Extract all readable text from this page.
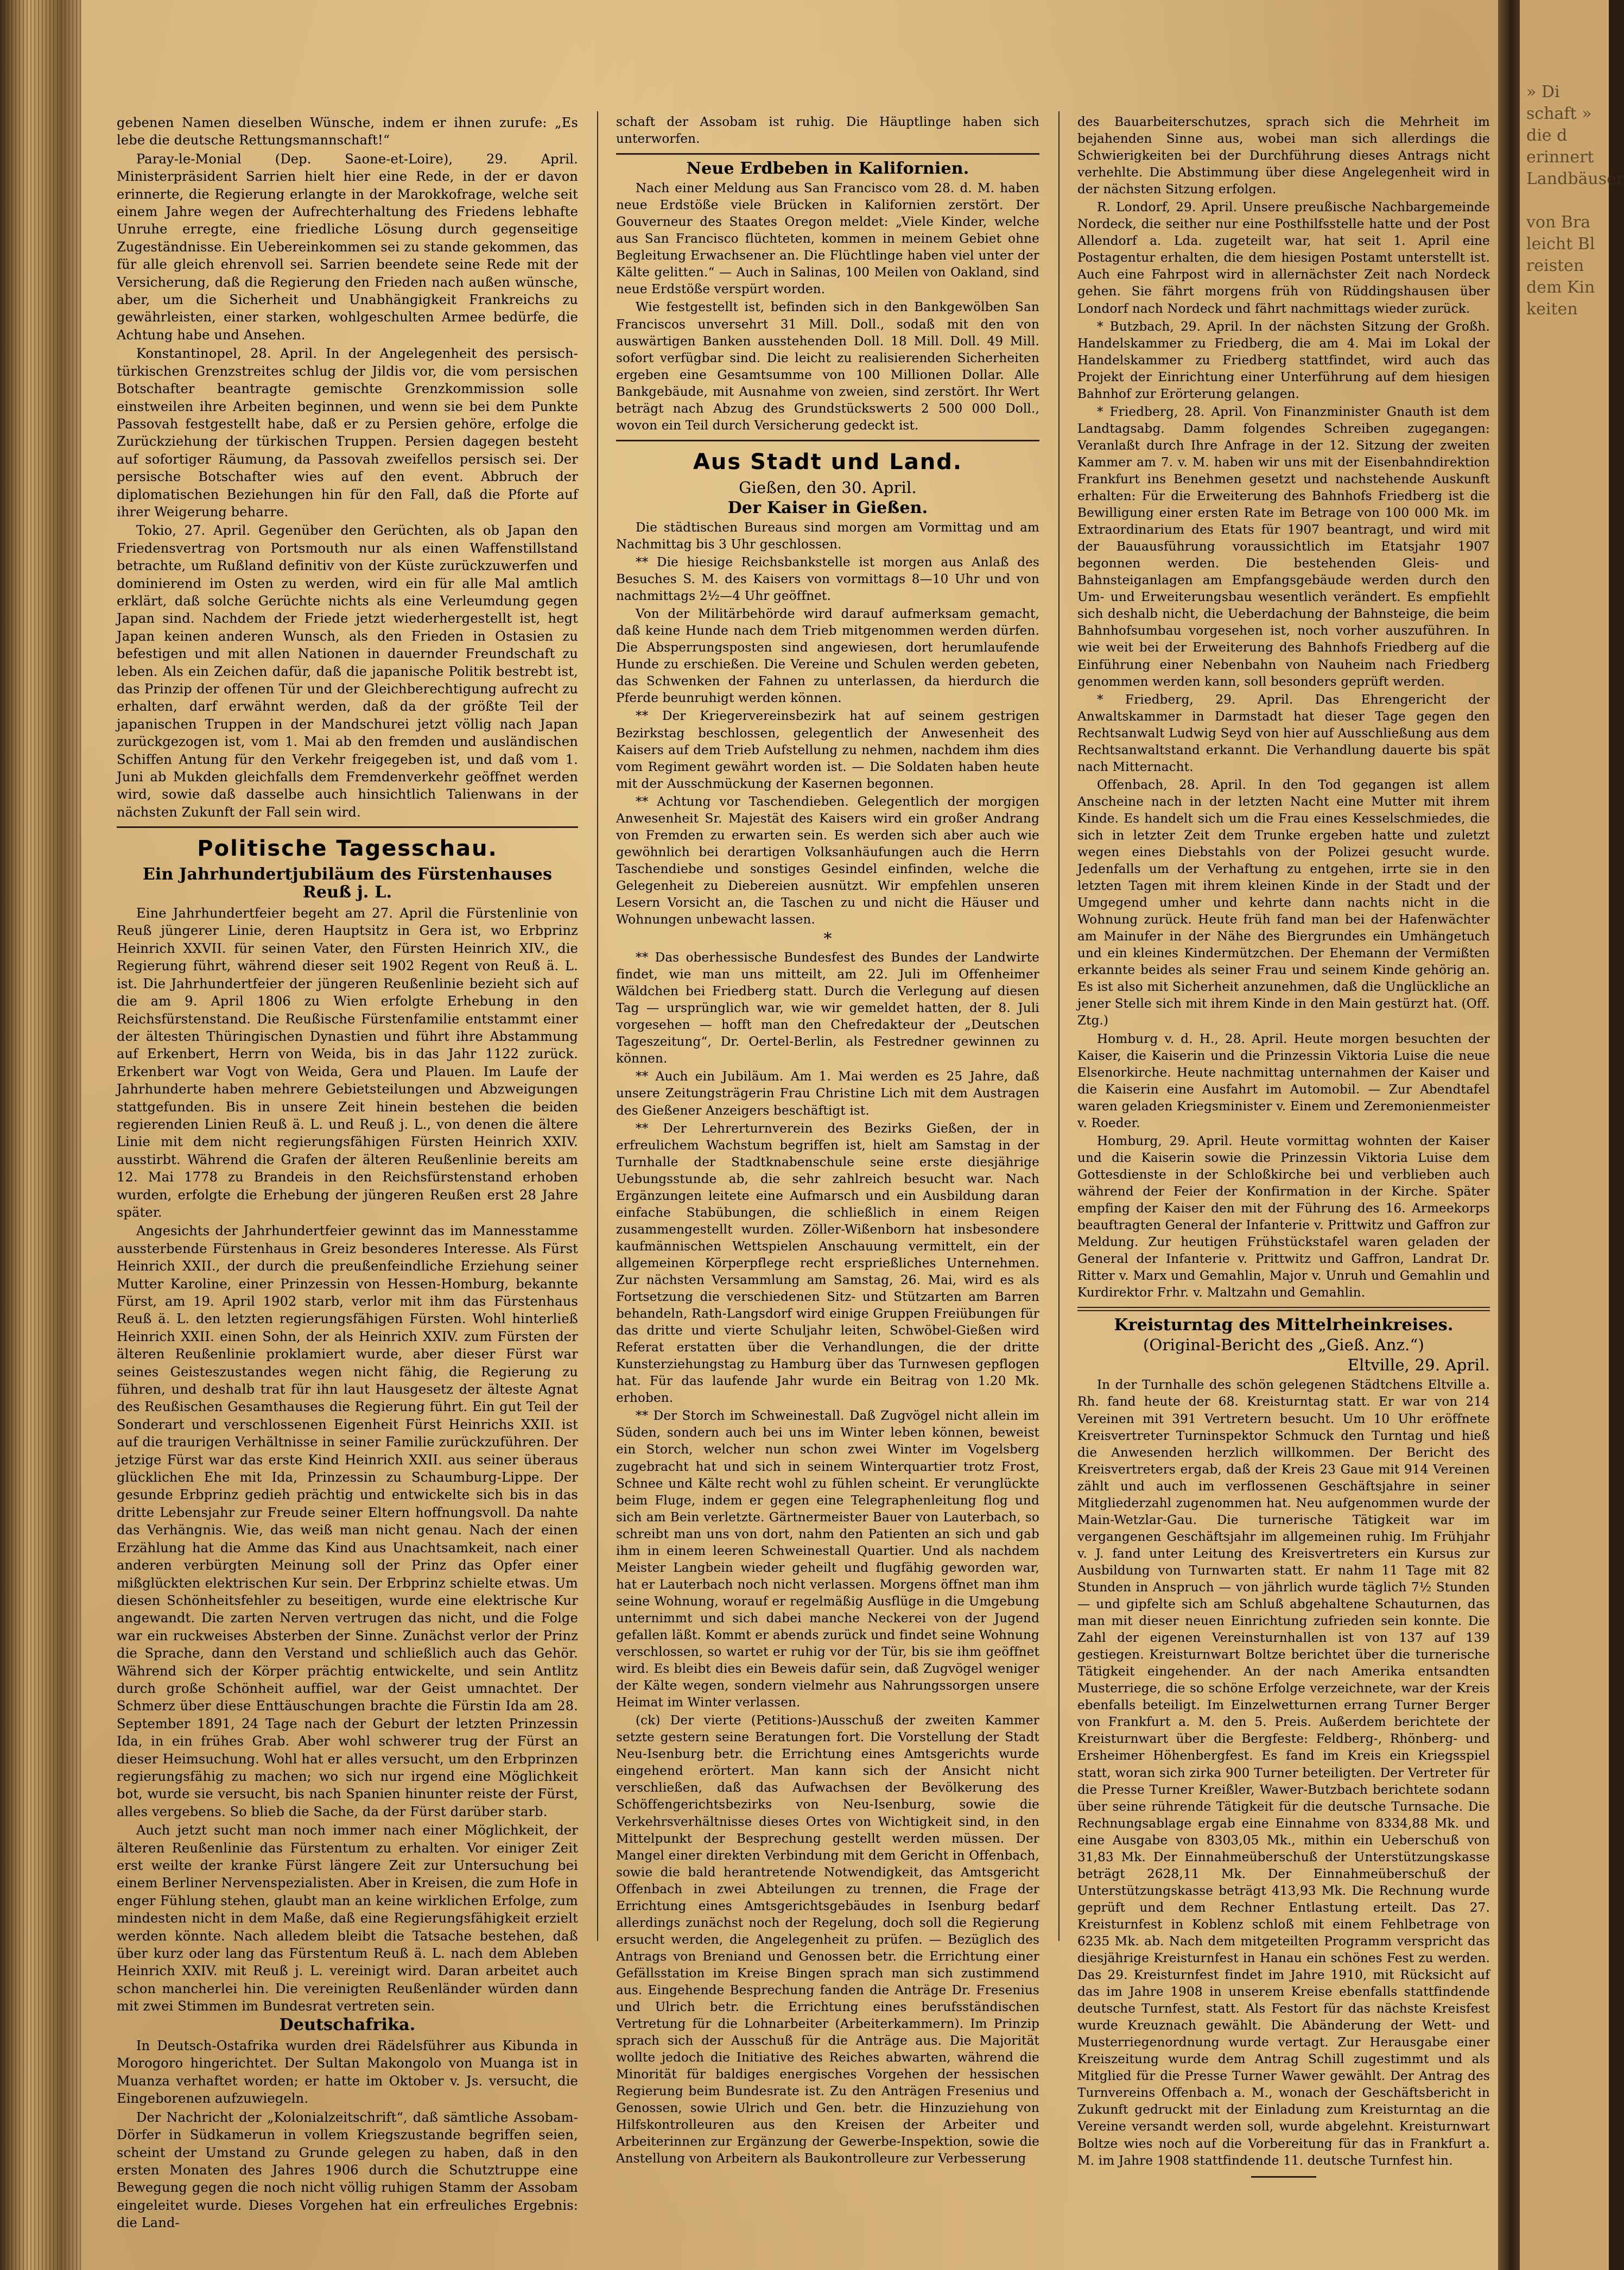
gebenen Namen dieselben Wünsche, indem er ihnen zurufe: „Es lebe die deutsche Rettungsmannschaft!“

Paray-le-Monial (Dep. Saone-et-Loire), 29. April. Ministerpräsident Sarrien hielt hier eine Rede, in der er davon erinnerte, die Regierung erlangte in der Marokkofrage, welche seit einem Jahre wegen der Aufrechterhaltung des Friedens lebhafte Unruhe erregte, eine friedliche Lösung durch gegenseitige Zugeständnisse. Ein Uebereinkommen sei zu stande gekommen, das für alle gleich ehrenvoll sei. Sarrien beendete seine Rede mit der Versicherung, daß die Regierung den Frieden nach außen wünsche, aber, um die Sicherheit und Unabhängigkeit Frankreichs zu gewährleisten, einer starken, wohlgeschulten Armee bedürfe, die Achtung habe und Ansehen.

Konstantinopel, 28. April. In der Angelegenheit des persisch-türkischen Grenzstreites schlug der Jildis vor, die vom persischen Botschafter beantragte gemischte Grenzkommission solle einstweilen ihre Arbeiten beginnen, und wenn sie bei dem Punkte Passovah festgestellt habe, daß er zu Persien gehöre, erfolge die Zurückziehung der türkischen Truppen. Persien dagegen besteht auf sofortiger Räumung, da Passovah zweifellos persisch sei. Der persische Botschafter wies auf den event. Abbruch der diplomatischen Beziehungen hin für den Fall, daß die Pforte auf ihrer Weigerung beharre.

Tokio, 27. April. Gegenüber den Gerüchten, als ob Japan den Friedensvertrag von Portsmouth nur als einen Waffenstillstand betrachte, um Rußland definitiv von der Küste zurückzuwerfen und dominierend im Osten zu werden, wird ein für alle Mal amtlich erklärt, daß solche Gerüchte nichts als eine Verleumdung gegen Japan sind. Nachdem der Friede jetzt wiederhergestellt ist, hegt Japan keinen anderen Wunsch, als den Frieden in Ostasien zu befestigen und mit allen Nationen in dauernder Freundschaft zu leben. Als ein Zeichen dafür, daß die japanische Politik bestrebt ist, das Prinzip der offenen Tür und der Gleichberechtigung aufrecht zu erhalten, darf erwähnt werden, daß da der größte Teil der japanischen Truppen in der Mandschurei jetzt völlig nach Japan zurückgezogen ist, vom 1. Mai ab den fremden und ausländischen Schiffen Antung für den Verkehr freigegeben ist, und daß vom 1. Juni ab Mukden gleichfalls dem Fremdenverkehr geöffnet werden wird, sowie daß dasselbe auch hinsichtlich Talienwans in der nächsten Zukunft der Fall sein wird.

Politische Tagesschau.
Ein Jahrhundertjubiläum des Fürstenhauses Reuß j. L.

Eine Jahrhundertfeier begeht am 27. April die Fürstenlinie von Reuß jüngerer Linie, deren Hauptsitz in Gera ist, wo Erbprinz Heinrich XXVII. für seinen Vater, den Fürsten Heinrich XIV., die Regierung führt, während dieser seit 1902 Regent von Reuß ä. L. ist. Die Jahrhundertfeier der jüngeren Reußenlinie bezieht sich auf die am 9. April 1806 zu Wien erfolgte Erhebung in den Reichsfürstenstand. Die Reußische Fürstenfamilie entstammt einer der ältesten Thüringischen Dynastien und führt ihre Abstammung auf Erkenbert, Herrn von Weida, bis in das Jahr 1122 zurück. Erkenbert war Vogt von Weida, Gera und Plauen. Im Laufe der Jahrhunderte haben mehrere Gebietsteilungen und Abzweigungen stattgefunden. Bis in unsere Zeit hinein bestehen die beiden regierenden Linien Reuß ä. L. und Reuß j. L., von denen die ältere Linie mit dem nicht regierungsfähigen Fürsten Heinrich XXIV. ausstirbt. Während die Grafen der älteren Reußenlinie bereits am 12. Mai 1778 zu Brandeis in den Reichsfürstenstand erhoben wurden, erfolgte die Erhebung der jüngeren Reußen erst 28 Jahre später.

Angesichts der Jahrhundertfeier gewinnt das im Mannesstamme aussterbende Fürstenhaus in Greiz besonderes Interesse. Als Fürst Heinrich XXII., der durch die preußenfeindliche Erziehung seiner Mutter Karoline, einer Prinzessin von Hessen-Homburg, bekannte Fürst, am 19. April 1902 starb, verlor mit ihm das Fürstenhaus Reuß ä. L. den letzten regierungsfähigen Fürsten. Wohl hinterließ Heinrich XXII. einen Sohn, der als Heinrich XXIV. zum Fürsten der älteren Reußenlinie proklamiert wurde, aber dieser Fürst war seines Geisteszustandes wegen nicht fähig, die Regierung zu führen, und deshalb trat für ihn laut Hausgesetz der älteste Agnat des Reußischen Gesamthauses die Regierung führt. Ein gut Teil der Sonderart und verschlossenen Eigenheit Fürst Heinrichs XXII. ist auf die traurigen Verhältnisse in seiner Familie zurückzuführen. Der jetzige Fürst war das erste Kind Heinrich XXII. aus seiner überaus glücklichen Ehe mit Ida, Prinzessin zu Schaumburg-Lippe. Der gesunde Erbprinz gedieh prächtig und entwickelte sich bis in das dritte Lebensjahr zur Freude seiner Eltern hoffnungsvoll. Da nahte das Verhängnis. Wie, das weiß man nicht genau. Nach der einen Erzählung hat die Amme das Kind aus Unachtsamkeit, nach einer anderen verbürgten Meinung soll der Prinz das Opfer einer mißglückten elektrischen Kur sein. Der Erbprinz schielte etwas. Um diesen Schönheitsfehler zu beseitigen, wurde eine elektrische Kur angewandt. Die zarten Nerven vertrugen das nicht, und die Folge war ein ruckweises Absterben der Sinne. Zunächst verlor der Prinz die Sprache, dann den Verstand und schließlich auch das Gehör. Während sich der Körper prächtig entwickelte, und sein Antlitz durch große Schönheit auffiel, war der Geist umnachtet. Der Schmerz über diese Enttäuschungen brachte die Fürstin Ida am 28. September 1891, 24 Tage nach der Geburt der letzten Prinzessin Ida, in ein frühes Grab. Aber wohl schwerer trug der Fürst an dieser Heimsuchung. Wohl hat er alles versucht, um den Erbprinzen regierungsfähig zu machen; wo sich nur irgend eine Möglichkeit bot, wurde sie versucht, bis nach Spanien hinunter reiste der Fürst, alles vergebens. So blieb die Sache, da der Fürst darüber starb.

Auch jetzt sucht man noch immer nach einer Möglichkeit, der älteren Reußenlinie das Fürstentum zu erhalten. Vor einiger Zeit erst weilte der kranke Fürst längere Zeit zur Untersuchung bei einem Berliner Nervenspezialisten. Aber in Kreisen, die zum Hofe in enger Fühlung stehen, glaubt man an keine wirklichen Erfolge, zum mindesten nicht in dem Maße, daß eine Regierungsfähigkeit erzielt werden könnte. Nach alledem bleibt die Tatsache bestehen, daß über kurz oder lang das Fürstentum Reuß ä. L. nach dem Ableben Heinrich XXIV. mit Reuß j. L. vereinigt wird. Daran arbeitet auch schon mancherlei hin. Die vereinigten Reußenländer würden dann mit zwei Stimmen im Bundesrat vertreten sein.

Deutschafrika.

In Deutsch-Ostafrika wurden drei Rädelsführer aus Kibunda in Morogoro hingerichtet. Der Sultan Makongolo von Muanga ist in Muanza verhaftet worden; er hatte im Oktober v. Js. versucht, die Eingeborenen aufzuwiegeln.

Der Nachricht der „Kolonialzeitschrift“, daß sämtliche Assobam-Dörfer in Südkamerun in vollem Kriegszustande begriffen seien, scheint der Umstand zu Grunde gelegen zu haben, daß in den ersten Monaten des Jahres 1906 durch die Schutztruppe eine Bewegung gegen die noch nicht völlig ruhigen Stamm der Assobam eingeleitet wurde. Dieses Vorgehen hat ein erfreuliches Ergebnis: die Land-

schaft der Assobam ist ruhig. Die Häuptlinge haben sich unterworfen.

Neue Erdbeben in Kalifornien.

Nach einer Meldung aus San Francisco vom 28. d. M. haben neue Erdstöße viele Brücken in Kalifornien zerstört. Der Gouverneur des Staates Oregon meldet: „Viele Kinder, welche aus San Francisco flüchteten, kommen in meinem Gebiet ohne Begleitung Erwachsener an. Die Flüchtlinge haben viel unter der Kälte gelitten.“ — Auch in Salinas, 100 Meilen von Oakland, sind neue Erdstöße verspürt worden.

Wie festgestellt ist, befinden sich in den Bankgewölben San Franciscos unversehrt 31 Mill. Doll., sodaß mit den von auswärtigen Banken ausstehenden Doll. 18 Mill. Doll. 49 Mill. sofort verfügbar sind. Die leicht zu realisierenden Sicherheiten ergeben eine Gesamtsumme von 100 Millionen Dollar. Alle Bankgebäude, mit Ausnahme von zweien, sind zerstört. Ihr Wert beträgt nach Abzug des Grundstückswerts 2 500 000 Doll., wovon ein Teil durch Versicherung gedeckt ist.

Aus Stadt und Land.
Gießen, den 30. April.
Der Kaiser in Gießen.

Die städtischen Bureaus sind morgen am Vormittag und am Nachmittag bis 3 Uhr geschlossen.

** Die hiesige Reichsbankstelle ist morgen aus Anlaß des Besuches S. M. des Kaisers von vormittags 8—10 Uhr und von nachmittags 2½—4 Uhr geöffnet.

Von der Militärbehörde wird darauf aufmerksam gemacht, daß keine Hunde nach dem Trieb mitgenommen werden dürfen. Die Absperrungsposten sind angewiesen, dort herumlaufende Hunde zu erschießen. Die Vereine und Schulen werden gebeten, das Schwenken der Fahnen zu unterlassen, da hierdurch die Pferde beunruhigt werden können.

** Der Kriegervereinsbezirk hat auf seinem gestrigen Bezirkstag beschlossen, gelegentlich der Anwesenheit des Kaisers auf dem Trieb Aufstellung zu nehmen, nachdem ihm dies vom Regiment gewährt worden ist. — Die Soldaten haben heute mit der Ausschmückung der Kasernen begonnen.

** Achtung vor Taschendieben. Gelegentlich der morgigen Anwesenheit Sr. Majestät des Kaisers wird ein großer Andrang von Fremden zu erwarten sein. Es werden sich aber auch wie gewöhnlich bei derartigen Volksanhäufungen auch die Herrn Taschendiebe und sonstiges Gesindel einfinden, welche die Gelegenheit zu Diebereien ausnützt. Wir empfehlen unseren Lesern Vorsicht an, die Taschen zu und nicht die Häuser und Wohnungen unbewacht lassen.

*

** Das oberhessische Bundesfest des Bundes der Landwirte findet, wie man uns mitteilt, am 22. Juli im Offenheimer Wäldchen bei Friedberg statt. Durch die Verlegung auf diesen Tag — ursprünglich war, wie wir gemeldet hatten, der 8. Juli vorgesehen — hofft man den Chefredakteur der „Deutschen Tageszeitung“, Dr. Oertel-Berlin, als Festredner gewinnen zu können.

** Auch ein Jubiläum. Am 1. Mai werden es 25 Jahre, daß unsere Zeitungsträgerin Frau Christine Lich mit dem Austragen des Gießener Anzeigers beschäftigt ist.

** Der Lehrerturnverein des Bezirks Gießen, der in erfreulichem Wachstum begriffen ist, hielt am Samstag in der Turnhalle der Stadtknabenschule seine erste diesjährige Uebungsstunde ab, die sehr zahlreich besucht war. Nach Ergänzungen leitete eine Aufmarsch und ein Ausbildung daran einfache Stabübungen, die schließlich in einem Reigen zusammengestellt wurden. Zöller-Wißenborn hat insbesondere kaufmännischen Wettspielen Anschauung vermittelt, ein der allgemeinen Körperpflege recht ersprießliches Unternehmen. Zur nächsten Versammlung am Samstag, 26. Mai, wird es als Fortsetzung die verschiedenen Sitz- und Stützarten am Barren behandeln, Rath-Langsdorf wird einige Gruppen Freiübungen für das dritte und vierte Schuljahr leiten, Schwöbel-Gießen wird Referat erstatten über die Verhandlungen, die der dritte Kunsterziehungstag zu Hamburg über das Turnwesen gepflogen hat. Für das laufende Jahr wurde ein Beitrag von 1.20 Mk. erhoben.

** Der Storch im Schweinestall. Daß Zugvögel nicht allein im Süden, sondern auch bei uns im Winter leben können, beweist ein Storch, welcher nun schon zwei Winter im Vogelsberg zugebracht hat und sich in seinem Winterquartier trotz Frost, Schnee und Kälte recht wohl zu fühlen scheint. Er verunglückte beim Fluge, indem er gegen eine Telegraphenleitung flog und sich am Bein verletzte. Gärtnermeister Bauer von Lauterbach, so schreibt man uns von dort, nahm den Patienten an sich und gab ihm in einem leeren Schweinestall Quartier. Und als nachdem Meister Langbein wieder geheilt und flugfähig geworden war, hat er Lauterbach noch nicht verlassen. Morgens öffnet man ihm seine Wohnung, worauf er regelmäßig Ausflüge in die Umgebung unternimmt und sich dabei manche Neckerei von der Jugend gefallen läßt. Kommt er abends zurück und findet seine Wohnung verschlossen, so wartet er ruhig vor der Tür, bis sie ihm geöffnet wird. Es bleibt dies ein Beweis dafür sein, daß Zugvögel weniger der Kälte wegen, sondern vielmehr aus Nahrungssorgen unsere Heimat im Winter verlassen.

(ck) Der vierte (Petitions-)Ausschuß der zweiten Kammer setzte gestern seine Beratungen fort. Die Vorstellung der Stadt Neu-Isenburg betr. die Errichtung eines Amtsgerichts wurde eingehend erörtert. Man kann sich der Ansicht nicht verschließen, daß das Aufwachsen der Bevölkerung des Schöffengerichtsbezirks von Neu-Isenburg, sowie die Verkehrsverhältnisse dieses Ortes von Wichtigkeit sind, in den Mittelpunkt der Besprechung gestellt werden müssen. Der Mangel einer direkten Verbindung mit dem Gericht in Offenbach, sowie die bald herantretende Notwendigkeit, das Amtsgericht Offenbach in zwei Abteilungen zu trennen, die Frage der Errichtung eines Amtsgerichtsgebäudes in Isenburg bedarf allerdings zunächst noch der Regelung, doch soll die Regierung ersucht werden, die Angelegenheit zu prüfen. — Bezüglich des Antrags von Breniand und Genossen betr. die Errichtung einer Gefällsstation im Kreise Bingen sprach man sich zustimmend aus. Eingehende Besprechung fanden die Anträge Dr. Fresenius und Ulrich betr. die Errichtung eines berufsständischen Vertretung für die Lohnarbeiter (Arbeiterkammern). Im Prinzip sprach sich der Ausschuß für die Anträge aus. Die Majorität wollte jedoch die Initiative des Reiches abwarten, während die Minorität für baldiges energisches Vorgehen der hessischen Regierung beim Bundesrate ist. Zu den Anträgen Fresenius und Genossen, sowie Ulrich und Gen. betr. die Hinzuziehung von Hilfskontrolleuren aus den Kreisen der Arbeiter und Arbeiterinnen zur Ergänzung der Gewerbe-Inspektion, sowie die Anstellung von Arbeitern als Baukontrolleure zur Verbesserung

des Bauarbeiterschutzes, sprach sich die Mehrheit im bejahenden Sinne aus, wobei man sich allerdings die Schwierigkeiten bei der Durchführung dieses Antrags nicht verhehlte. Die Abstimmung über diese Angelegenheit wird in der nächsten Sitzung erfolgen.

R. Londorf, 29. April. Unsere preußische Nachbargemeinde Nordeck, die seither nur eine Posthilfsstelle hatte und der Post Allendorf a. Lda. zugeteilt war, hat seit 1. April eine Postagentur erhalten, die dem hiesigen Postamt unterstellt ist. Auch eine Fahrpost wird in allernächster Zeit nach Nordeck gehen. Sie fährt morgens früh von Rüddingshausen über Londorf nach Nordeck und fährt nachmittags wieder zurück.

* Butzbach, 29. April. In der nächsten Sitzung der Großh. Handelskammer zu Friedberg, die am 4. Mai im Lokal der Handelskammer zu Friedberg stattfindet, wird auch das Projekt der Einrichtung einer Unterführung auf dem hiesigen Bahnhof zur Erörterung gelangen.

* Friedberg, 28. April. Von Finanzminister Gnauth ist dem Landtagsabg. Damm folgendes Schreiben zugegangen: Veranlaßt durch Ihre Anfrage in der 12. Sitzung der zweiten Kammer am 7. v. M. haben wir uns mit der Eisenbahndirektion Frankfurt ins Benehmen gesetzt und nachstehende Auskunft erhalten: Für die Erweiterung des Bahnhofs Friedberg ist die Bewilligung einer ersten Rate im Betrage von 100 000 Mk. im Extraordinarium des Etats für 1907 beantragt, und wird mit der Bauausführung voraussichtlich im Etatsjahr 1907 begonnen werden. Die bestehenden Gleis- und Bahnsteiganlagen am Empfangsgebäude werden durch den Um- und Erweiterungsbau wesentlich verändert. Es empfiehlt sich deshalb nicht, die Ueberdachung der Bahnsteige, die beim Bahnhofsumbau vorgesehen ist, noch vorher auszuführen. In wie weit bei der Erweiterung des Bahnhofs Friedberg auf die Einführung einer Nebenbahn von Nauheim nach Friedberg genommen werden kann, soll besonders geprüft werden.

* Friedberg, 29. April. Das Ehrengericht der Anwaltskammer in Darmstadt hat dieser Tage gegen den Rechtsanwalt Ludwig Seyd von hier auf Ausschließung aus dem Rechtsanwaltstand erkannt. Die Verhandlung dauerte bis spät nach Mitternacht.

Offenbach, 28. April. In den Tod gegangen ist allem Anscheine nach in der letzten Nacht eine Mutter mit ihrem Kinde. Es handelt sich um die Frau eines Kesselschmiedes, die sich in letzter Zeit dem Trunke ergeben hatte und zuletzt wegen eines Diebstahls von der Polizei gesucht wurde. Jedenfalls um der Verhaftung zu entgehen, irrte sie in den letzten Tagen mit ihrem kleinen Kinde in der Stadt und der Umgegend umher und kehrte dann nachts nicht in die Wohnung zurück. Heute früh fand man bei der Hafenwächter am Mainufer in der Nähe des Biergrundes ein Umhängetuch und ein kleines Kindermützchen. Der Ehemann der Vermißten erkannte beides als seiner Frau und seinem Kinde gehörig an. Es ist also mit Sicherheit anzunehmen, daß die Unglückliche an jener Stelle sich mit ihrem Kinde in den Main gestürzt hat. (Off. Ztg.)

Homburg v. d. H., 28. April. Heute morgen besuchten der Kaiser, die Kaiserin und die Prinzessin Viktoria Luise die neue Elsenorkirche. Heute nachmittag unternahmen der Kaiser und die Kaiserin eine Ausfahrt im Automobil. — Zur Abendtafel waren geladen Kriegsminister v. Einem und Zeremonienmeister v. Roeder.

Homburg, 29. April. Heute vormittag wohnten der Kaiser und die Kaiserin sowie die Prinzessin Viktoria Luise dem Gottesdienste in der Schloßkirche bei und verblieben auch während der Feier der Konfirmation in der Kirche. Später empfing der Kaiser den mit der Führung des 16. Armeekorps beauftragten General der Infanterie v. Prittwitz und Gaffron zur Meldung. Zur heutigen Frühstückstafel waren geladen der General der Infanterie v. Prittwitz und Gaffron, Landrat Dr. Ritter v. Marx und Gemahlin, Major v. Unruh und Gemahlin und Kurdirektor Frhr. v. Maltzahn und Gemahlin.

Kreisturntag des Mittelrheinkreises.
(Original-Bericht des „Gieß. Anz.“)
Eltville, 29. April.

In der Turnhalle des schön gelegenen Städtchens Eltville a. Rh. fand heute der 68. Kreisturntag statt. Er war von 214 Vereinen mit 391 Vertretern besucht. Um 10 Uhr eröffnete Kreisvertreter Turninspektor Schmuck den Turntag und hieß die Anwesenden herzlich willkommen. Der Bericht des Kreisvertreters ergab, daß der Kreis 23 Gaue mit 914 Vereinen zählt und auch im verflossenen Geschäftsjahre in seiner Mitgliederzahl zugenommen hat. Neu aufgenommen wurde der Main-Wetzlar-Gau. Die turnerische Tätigkeit war im vergangenen Geschäftsjahr im allgemeinen ruhig. Im Frühjahr v. J. fand unter Leitung des Kreisvertreters ein Kursus zur Ausbildung von Turnwarten statt. Er nahm 11 Tage mit 82 Stunden in Anspruch — von jährlich wurde täglich 7½ Stunden — und gipfelte sich am Schluß abgehaltene Schauturnen, das man mit dieser neuen Einrichtung zufrieden sein konnte. Die Zahl der eigenen Vereinsturnhallen ist von 137 auf 139 gestiegen. Kreisturnwart Boltze berichtet über die turnerische Tätigkeit eingehender. An der nach Amerika entsandten Musterriege, die so schöne Erfolge verzeichnete, war der Kreis ebenfalls beteiligt. Im Einzelwetturnen errang Turner Berger von Frankfurt a. M. den 5. Preis. Außerdem berichtete der Kreisturnwart über die Bergfeste: Feldberg-, Rhönberg- und Ersheimer Höhenbergfest. Es fand im Kreis ein Kriegsspiel statt, woran sich zirka 900 Turner beteiligten. Der Vertreter für die Presse Turner Kreißler, Wawer-Butzbach berichtete sodann über seine rührende Tätigkeit für die deutsche Turnsache. Die Rechnungsablage ergab eine Einnahme von 8334,88 Mk. und eine Ausgabe von 8303,05 Mk., mithin ein Ueberschuß von 31,83 Mk. Der Einnahmeüberschuß der Unterstützungskasse beträgt 2628,11 Mk. Der Einnahmeüberschuß der Unterstützungskasse beträgt 413,93 Mk. Die Rechnung wurde geprüft und dem Rechner Entlastung erteilt. Das 27. Kreisturnfest in Koblenz schloß mit einem Fehlbetrage von 6235 Mk. ab. Nach dem mitgeteilten Programm verspricht das diesjährige Kreisturnfest in Hanau ein schönes Fest zu werden. Das 29. Kreisturnfest findet im Jahre 1910, mit Rücksicht auf das im Jahre 1908 in unserem Kreise ebenfalls stattfindende deutsche Turnfest, statt. Als Festort für das nächste Kreisfest wurde Kreuznach gewählt. Die Abänderung der Wett- und Musterriegenordnung wurde vertagt. Zur Herausgabe einer Kreiszeitung wurde dem Antrag Schill zugestimmt und als Mitglied für die Presse Turner Wawer gewählt. Der Antrag des Turnvereins Offenbach a. M., wonach der Geschäftsbericht in Zukunft gedruckt mit der Einladung zum Kreisturntag an die Vereine versandt werden soll, wurde abgelehnt. Kreisturnwart Boltze wies noch auf die Vorbereitung für das in Frankfurt a. M. im Jahre 1908 stattfindende 11. deutsche Turnfest hin.

» Di
schaft »
die d
erinnert
Landbäuser

von Bra
leicht Bl
reisten
dem Kin
keiten
